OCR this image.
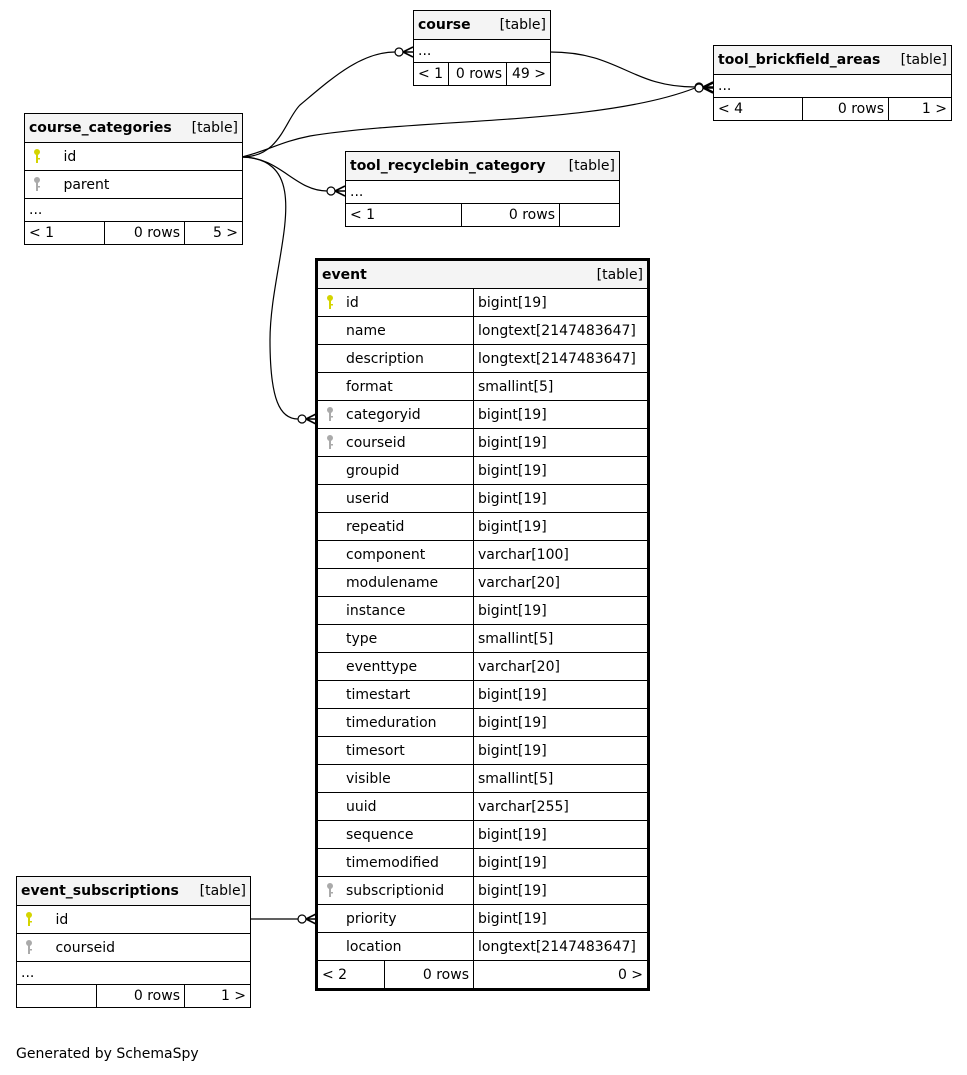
course [table]

...
< 1	0 rows	49 >
tool_brickfield_areas [table]

...
< 4	0 rows	1 >
course_categories [table]

id
parent
...
< 1	0 rows	5 >
tool_recyclebin_category [table]

...
< 1	0 rows	
event [table]		

id		bigint[19]
name		longtext[2147483647]
description		longtext[2147483647]
format		smallint[5]
categoryid		bigint[19]
courseid		bigint[19]
groupid		bigint[19]
userid		bigint[19]
repeatid		bigint[19]
component		varchar[100]
modulename		varchar[20]
instance		bigint[19]
type		smallint[5]
eventtype		varchar[20]
timestart		bigint[19]
timeduration		bigint[19]
timesort		bigint[19]
visible		smallint[5]
uuid		varchar[255]
sequence		bigint[19]
timemodified		bigint[19]
subscriptionid		bigint[19]
priority		bigint[19]
location		longtext[2147483647]
< 2	0 rows	0 >
event_subscriptions [table]

id
courseid
...
	0 rows	1 >
Generated by SchemaSpy
